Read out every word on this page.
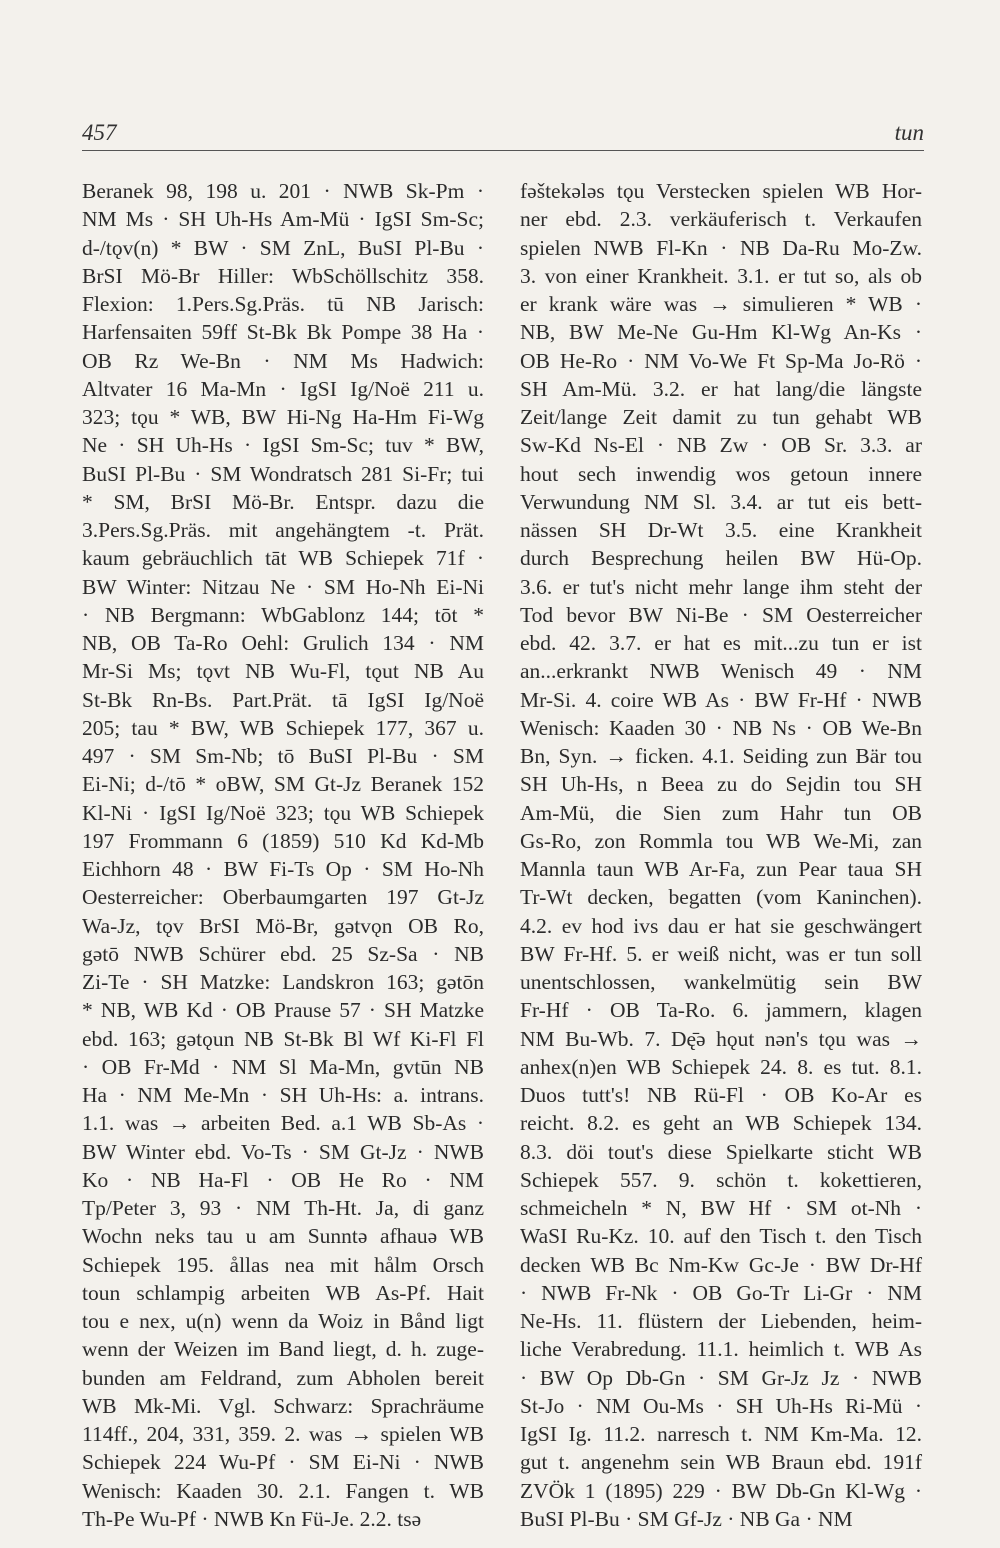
457	tun
Beranek 98, 198 u. 201 · NWB Sk-Pm ·
NM Ms · SH Uh-Hs Am-Mü · IgSI Sm-Sc;
d-/tǫv(n) * BW · SM ZnL, BuSI Pl-Bu ·
BrSI Mö-Br Hiller: WbSchöllschitz 358.
Flexion: 1.Pers.Sg.Präs. tū NB Jarisch:
Harfensaiten 59ff St-Bk Bk Pompe 38 Ha ·
OB Rz We-Bn · NM Ms Hadwich:
Altvater 16 Ma-Mn · IgSI Ig/Noë 211 u.
323; tǫu * WB, BW Hi-Ng Ha-Hm Fi-Wg
Ne · SH Uh-Hs · IgSI Sm-Sc; tuv * BW,
BuSI Pl-Bu · SM Wondratsch 281 Si-Fr; tui
* SM, BrSI Mö-Br. Entspr. dazu die
3.Pers.Sg.Präs. mit angehängtem -t. Prät.
kaum gebräuchlich tāt WB Schiepek 71f ·
BW Winter: Nitzau Ne · SM Ho-Nh Ei-Ni
· NB Bergmann: WbGablonz 144; tōt *
NB, OB Ta-Ro Oehl: Grulich 134 · NM
Mr-Si Ms; tǫvt NB Wu-Fl, tǫut NB Au
St-Bk Rn-Bs. Part.Prät. tā IgSI Ig/Noë
205; tau * BW, WB Schiepek 177, 367 u.
497 · SM Sm-Nb; tō BuSI Pl-Bu · SM
Ei-Ni; d-/tō * oBW, SM Gt-Jz Beranek 152
Kl-Ni · IgSI Ig/Noë 323; tǫu WB Schiepek
197 Frommann 6 (1859) 510 Kd Kd-Mb
Eichhorn 48 · BW Fi-Ts Op · SM Ho-Nh
Oesterreicher: Oberbaumgarten 197 Gt-Jz
Wa-Jz, tǫv BrSI Mö-Br, gətvǫn OB Ro,
gətō NWB Schürer ebd. 25 Sz-Sa · NB
Zi-Te · SH Matzke: Landskron 163; gətōn
* NB, WB Kd · OB Prause 57 · SH Matzke
ebd. 163; gətǫun NB St-Bk Bl Wf Ki-Fl Fl
· OB Fr-Md · NM Sl Ma-Mn, gvtūn NB
Ha · NM Me-Mn · SH Uh-Hs: a. intrans.
1.1. was → arbeiten Bed. a.1 WB Sb-As ·
BW Winter ebd. Vo-Ts · SM Gt-Jz · NWB
Ko · NB Ha-Fl · OB He Ro · NM
Tp/Peter 3, 93 · NM Th-Ht. Ja, di ganz
Wochn neks tau u am Sunntə afhauə WB
Schiepek 195. ållas nea mit hålm Orsch
toun schlampig arbeiten WB As-Pf. Hait
tou e nex, u(n) wenn da Woiz in Bånd ligt
wenn der Weizen im Band liegt, d. h. zuge-
bunden am Feldrand, zum Abholen bereit
WB Mk-Mi. Vgl. Schwarz: Sprachräume
114ff., 204, 331, 359. 2. was → spielen WB
Schiepek 224 Wu-Pf · SM Ei-Ni · NWB
Wenisch: Kaaden 30. 2.1. Fangen t. WB
Th-Pe Wu-Pf · NWB Kn Fü-Je. 2.2. tsə
fəštekələs tǫu Verstecken spielen WB Hor-
ner ebd. 2.3. verkäuferisch t. Verkaufen
spielen NWB Fl-Kn · NB Da-Ru Mo-Zw.
3. von einer Krankheit. 3.1. er tut so, als ob
er krank wäre was → simulieren * WB ·
NB, BW Me-Ne Gu-Hm Kl-Wg An-Ks ·
OB He-Ro · NM Vo-We Ft Sp-Ma Jo-Rö ·
SH Am-Mü. 3.2. er hat lang/die längste
Zeit/lange Zeit damit zu tun gehabt WB
Sw-Kd Ns-El · NB Zw · OB Sr. 3.3. ar
hout sech inwendig wos getoun innere
Verwundung NM Sl. 3.4. ar tut eis bett-
nässen SH Dr-Wt 3.5. eine Krankheit
durch Besprechung heilen BW Hü-Op.
3.6. er tut's nicht mehr lange ihm steht der
Tod bevor BW Ni-Be · SM Oesterreicher
ebd. 42. 3.7. er hat es mit...zu tun er ist
an...erkrankt NWB Wenisch 49 · NM
Mr-Si. 4. coire WB As · BW Fr-Hf · NWB
Wenisch: Kaaden 30 · NB Ns · OB We-Bn
Bn, Syn. → ficken. 4.1. Seiding zun Bär tou
SH Uh-Hs, n Beea zu do Sejdin tou SH
Am-Mü, die Sien zum Hahr tun OB
Gs-Ro, zon Rommla tou WB We-Mi, zan
Mannla taun WB Ar-Fa, zun Pear taua SH
Tr-Wt decken, begatten (vom Kaninchen).
4.2. ev hod ivs dau er hat sie geschwängert
BW Fr-Hf. 5. er weiß nicht, was er tun soll
unentschlossen, wankelmütig sein BW
Fr-Hf · OB Ta-Ro. 6. jammern, klagen
NM Bu-Wb. 7. Dę̄ə hǫut nən's tǫu was →
anhex(n)en WB Schiepek 24. 8. es tut. 8.1.
Duos tutt's! NB Rü-Fl · OB Ko-Ar es
reicht. 8.2. es geht an WB Schiepek 134.
8.3. döi tout's diese Spielkarte sticht WB
Schiepek 557. 9. schön t. kokettieren,
schmeicheln * N, BW Hf · SM ot-Nh ·
WaSI Ru-Kz. 10. auf den Tisch t. den Tisch
decken WB Bc Nm-Kw Gc-Je · BW Dr-Hf
· NWB Fr-Nk · OB Go-Tr Li-Gr · NM
Ne-Hs. 11. flüstern der Liebenden, heim-
liche Verabredung. 11.1. heimlich t. WB As
· BW Op Db-Gn · SM Gr-Jz Jz · NWB
St-Jo · NM Ou-Ms · SH Uh-Hs Ri-Mü ·
IgSI Ig. 11.2. narresch t. NM Km-Ma. 12.
gut t. angenehm sein WB Braun ebd. 191f
ZVÖk 1 (1895) 229 · BW Db-Gn Kl-Wg ·
BuSI Pl-Bu · SM Gf-Jz · NB Ga · NM
